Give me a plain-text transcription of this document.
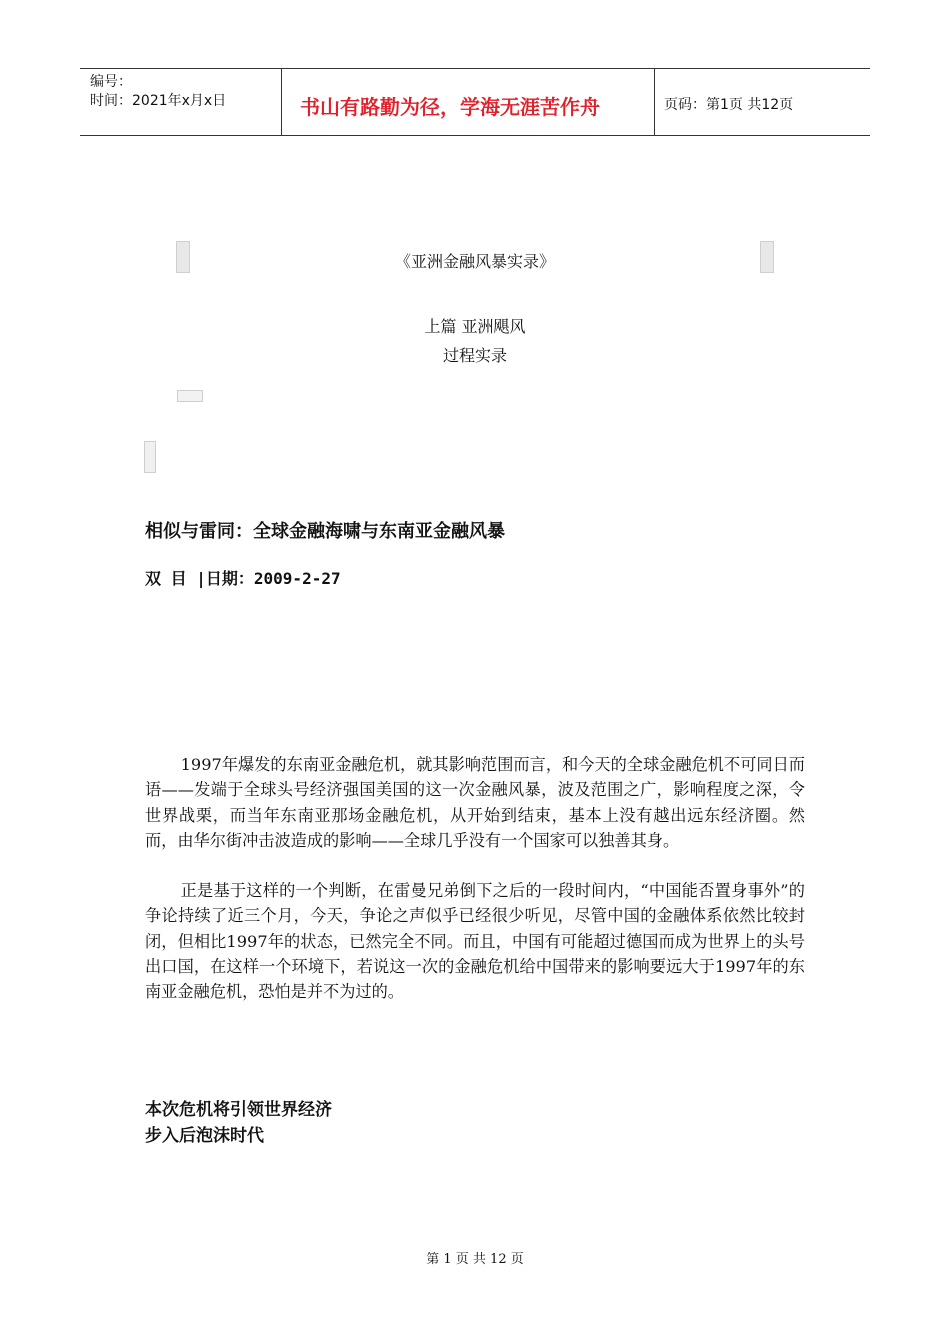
编号：
时间：2021年x月x日	书山有路勤为径，学海无涯苦作舟	页码：第1页 共12页
《亚洲金融风暴实录》
上篇 亚洲飓风
过程实录
相似与雷同：全球金融海啸与东南亚金融风暴
双 目 |日期：2009-2-27

1997年爆发的东南亚金融危机，就其影响范围而言，和今天的全球金融危机不可同日而语——发端于全球头号经济强国美国的这一次金融风暴，波及范围之广，影响程度之深，令世界战栗，而当年东南亚那场金融危机，从开始到结束，基本上没有越出远东经济圈。然而，由华尔街冲击波造成的影响——全球几乎没有一个国家可以独善其身。

正是基于这样的一个判断，在雷曼兄弟倒下之后的一段时间内，“中国能否置身事外”的争论持续了近三个月，今天，争论之声似乎已经很少听见，尽管中国的金融体系依然比较封闭，但相比1997年的状态，已然完全不同。而且，中国有可能超过德国而成为世界上的头号出口国，在这样一个环境下，若说这一次的金融危机给中国带来的影响要远大于1997年的东南亚金融危机，恐怕是并不为过的。

本次危机将引领世界经济
步入后泡沫时代
第 1 页 共 12 页
